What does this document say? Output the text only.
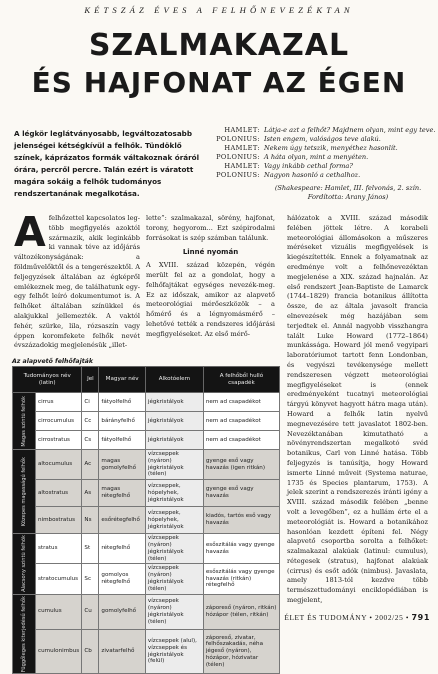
KÉTSZÁZ ÉVES A FELHŐNEVEZÉKTAN
SZALMAKAZAL
ÉS HAJFONAT AZ ÉGEN
A légkör leglátványosabb, legváltozatosabb jelenségei kétségkívül a felhők. Tündöklő színek, káprázatos formák váltakoznak óráról órára, percről percre. Talán ezért is váratott magára sokáig a felhők tudományos rendszertanának megalkotása.
HAMLET: Látja-e azt a felhőt? Majdnem olyan, mint egy teve.
POLONIUS: Isten engem, valóságos teve alakú.
HAMLET: Nekem úgy tetszik, menyéthez hasonlít.
POLONIUS: A háta olyan, mint a menyéten.
HAMLET: Vagy inkább cethal forma?
POLONIUS: Nagyon hasonló a cethalhoz.
(Shakespeare: Hamlet, III. felvonás, 2. szín.
Fordította: Arany János)
A felhőzettel kapcsolatos leg-több megfigyelés azoktól származik, akik leginkább ki vannak téve az időjárás változékonyságának: a földművelőktől és a tengerészektől. A feljegyzések általában az égképről emlékeznek meg, de találhatunk egy-egy felhőt leíró dokumentumot is. A felhőket általában színükkel és alakjukkal jellemezték. A vaktól fehér, szürke, lila, rózsaszín vagy éppen koromfekete felhők nevét évszázadokig megjelenésük „illet-

lette”: szalmakazal, sörény, hajfonat, torony, hegyorom... Ezt szépirodalmi forrásokat is szép számban találunk.

Linné nyomán

A XVIII. század közepén, végén merült fel az a gondolat, hogy a felhőfajtákat egységes nevezék-meg. Ez az időszak, amikor az alapvető meteorológiai mérőeszközök – a hőmérő és a légnyomásmérő – lehetővé tették a rendszeres időjárási megfigyeléseket. Az első mérő-

hálózatok a XVIII. század második felében jöttek létre. A korabeli meteorológiai állomásokon a műszeres méréseket vizuális megfigyelések is kiegészítették. Ennek a folyamatnak az eredménye volt a felhőnevezéktan megjelenése a XIX. század hajnalán. Az első rendszert Jean-Baptiste de Lamarck (1744–1829) francia botanikus állította össze, de az általa javasolt francia elnevezések még hazájában sem terjedtek el. Annál nagyobb visszhangra talált Luke Howard (1772–1864) munkássága. Howard jól menő vegyipari laboratóriumot tartott fenn Londonban, és vegyészi tevékenysége mellett rendszeresen végzett meteorológiai megfigyeléseket is (ennek eredményeként tucatnyi meteorológiai tárgyú könyvet hagyott hátra maga után). Howard a felhők latin nyelvű megnevezésére tett javaslatot 1802-ben. Nevezéktanában kimutatható a növényrendszertan megalkotó svéd botanikus, Carl von Linné hatása. Több feljegyzés is tanúsítja, hogy Howard ismerte Linné műveit (Systema naturae, 1735 és Species plantarum, 1753). A jelek szerint a rendszerezés iránti igény a XVIII. század második felében „benne volt a levegőben”, ez a hullám érte el a meteorológiát is. Howard a botanikához hasonlóan kezdett építeni fel. Négy alapvető csoportba sorolta a felhőket: szalmakazal alakúak (latinul: cumulus), rétegesek (stratus), hajfonat alakúak (cirrus) és esőt adók (nimbus). Javaslata, amely 1813-tól kezdve több természettudományi enciklopédiában is megjelent,

Az alapvető felhőfajták
Tudományos név (latin)		Jel	Magyar név	Alkotóelem	A felhőből hulló csapadék

Magas szintű felhők	cirrus	Ci	fátyolfelhő	jégkristályok	nem ad csapadékot
	cirrocumulus	Cc	bárányfelhő	jégkristályok	nem ad csapadékot
	cirrostratus	Cs	fátyolfelhő	jégkristályok	nem ad csapadékot

Közepes magasságú felhők	altocumulus	Ac	magas gomolyfelhő	vízcseppek (nyáron) jégkristályok (télen)	gyenge eső vagy havazás (igen ritkán)
	altostratus	As	magas rétegfelhő	vízcseppek, hópelyhek, jégkristályok	gyenge eső vagy havazás
	nimbostratus	Ns	esőrétegfelhő	vízcseppek, hópelyhek, jégkristályok	kiadós, tartós eső vagy havazás

Alacsony szintű felhők	stratus	St	rétegfelhő	vízcseppek (nyáron) jégkristályok (télen)	esőszitálás vagy gyenge havazás
	stratocumulus	Sc	gomolyos rétegfelhő	vízcseppek (nyáron) jégkristályok (télen)	esőszitálás vagy gyenge havazás (ritkán) rétegfelhő

Függőleges kiterjedésű felhők	cumulus	Cu	gomolyfelhő	vízcseppek (nyáron) jégkristályok (télen)	záporeső (nyáron, ritkán) hózápor (télen, ritkán)
	cumulonimbus	Cb	zivatarfelhő	vízcseppek (alul), vízcseppek és jégkristályok (felül)	záporeső, zivatar, felhőszakadás, néha jégeső (nyáron), hózápor, hózivatar (télen)
ÉLET ÉS TUDOMÁNY • 2002/25 • 791
